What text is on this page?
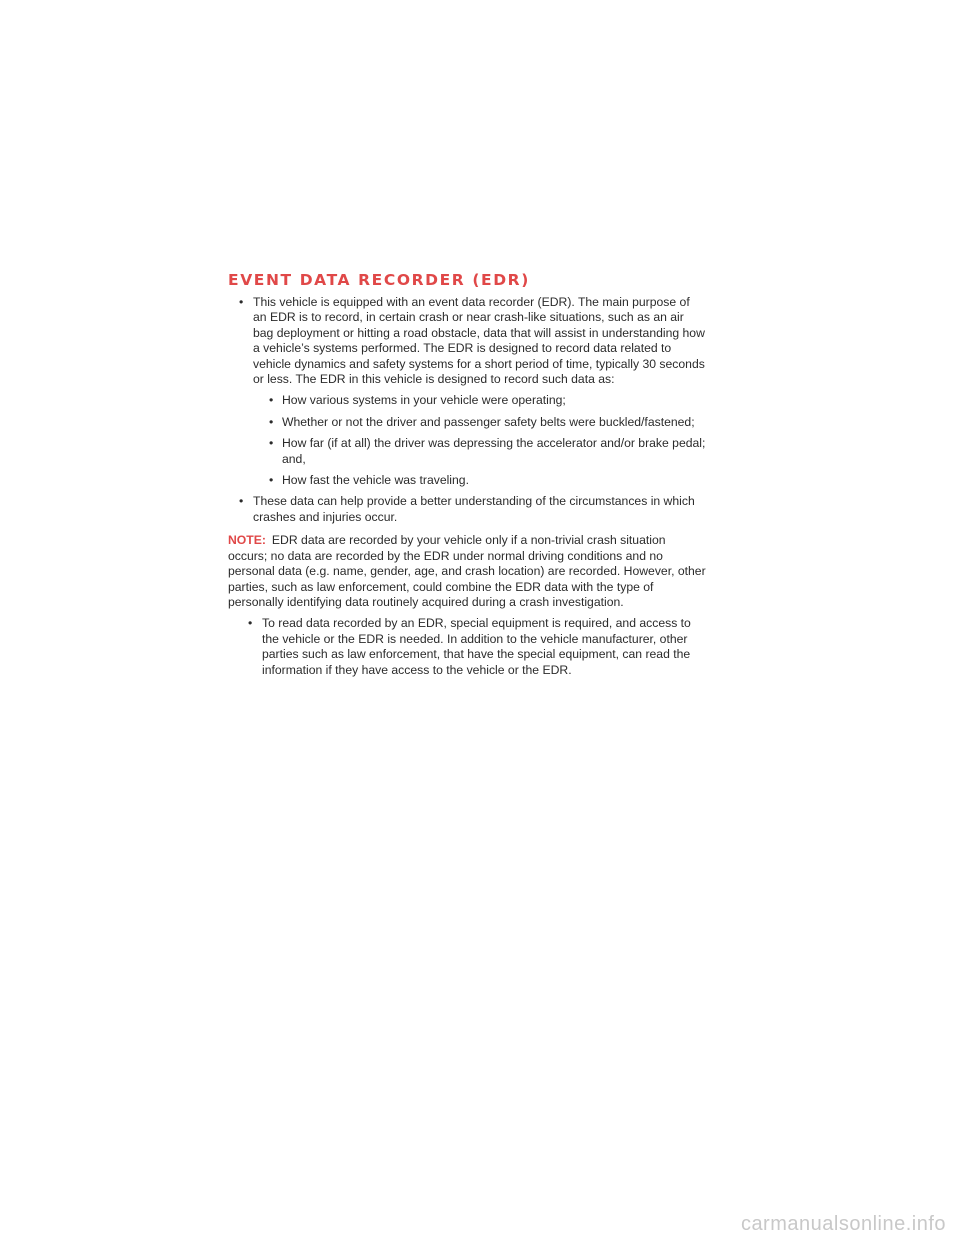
EVENT DATA RECORDER (EDR)
• This vehicle is equipped with an event data recorder (EDR). The main purpose of an EDR is to record, in certain crash or near crash-like situations, such as an air bag deployment or hitting a road obstacle, data that will assist in understanding how a vehicle’s systems performed. The EDR is designed to record data related to vehicle dynamics and safety systems for a short period of time, typically 30 seconds or less. The EDR in this vehicle is designed to record such data as:
• How various systems in your vehicle were operating;
• Whether or not the driver and passenger safety belts were buckled/fastened;
• How far (if at all) the driver was depressing the accelerator and/or brake pedal; and,
• How fast the vehicle was traveling.
• These data can help provide a better understanding of the circumstances in which crashes and injuries occur.

NOTE: EDR data are recorded by your vehicle only if a non-trivial crash situation occurs; no data are recorded by the EDR under normal driving conditions and no personal data (e.g. name, gender, age, and crash location) are recorded. However, other parties, such as law enforcement, could combine the EDR data with the type of personally identifying data routinely acquired during a crash investigation.

• To read data recorded by an EDR, special equipment is required, and access to the vehicle or the EDR is needed. In addition to the vehicle manufacturer, other parties such as law enforcement, that have the special equipment, can read the information if they have access to the vehicle or the EDR.
carmanualsonline.info
